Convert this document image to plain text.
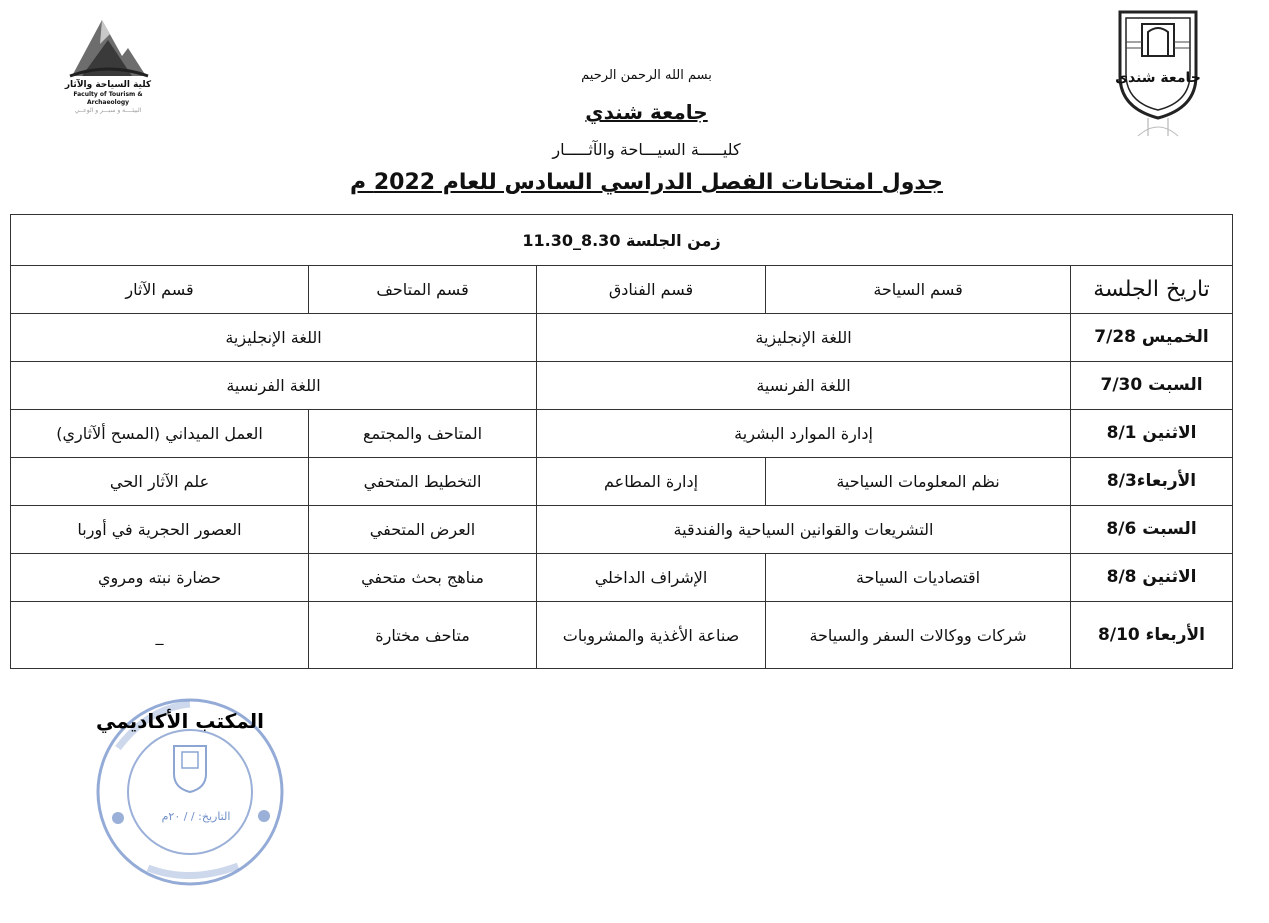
جامعة شندي
كلية السياحة والآثار
Faculty of Tourism & Archaeology
البيئــــة و سبـــر و الوعــي
بسم الله الرحمن الرحيم
جامعة شندي
كليـــــة السيـــاحة والآثـــــار
جدول امتحانات الفصل الدراسي السادس للعام 2022 م
زمن الجلسة 8.30_11.30				
تاريخ الجلسة	قسم السياحة	قسم الفنادق	قسم المتاحف	قسم الآثار
الخميس 7/28	اللغة الإنجليزية		اللغة الإنجليزية	
السبت 7/30	اللغة الفرنسية		اللغة الفرنسية	
الاثنين 8/1	إدارة الموارد البشرية		المتاحف والمجتمع	العمل الميداني (المسح ألآثاري)
الأربعاء8/3	نظم المعلومات السياحية	إدارة المطاعم	التخطيط المتحفي	علم الآثار الحي
السبت 8/6	التشريعات والقوانين السياحية والفندقية		العرض المتحفي	العصور الحجرية في أوربا
الاثنين 8/8	اقتصاديات السياحة	الإشراف الداخلي	مناهج بحث متحفي	حضارة نبته ومروي
الأربعاء 8/10	شركات ووكالات السفر والسياحة	صناعة الأغذية والمشروبات	متاحف مختارة	_
التاريخ: / / ٢٠م
المكتب الأكاديمي
